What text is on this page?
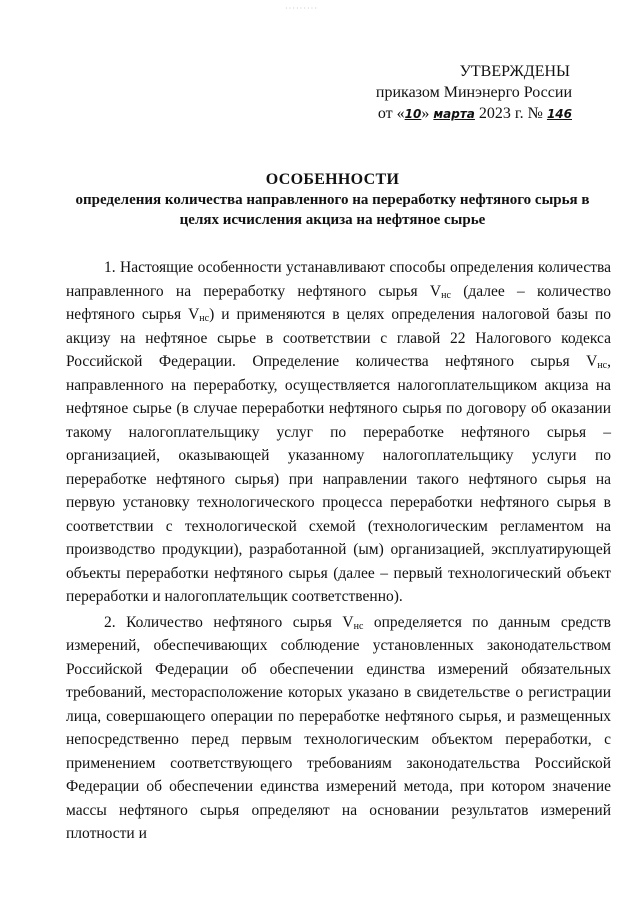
·········
УТВЕРЖДЕНЫ
приказом Минэнерго России
от «10» марта 2023 г. № 146
ОСОБЕННОСТИ
определения количества направленного на переработку нефтяного сырья в целях исчисления акциза на нефтяное сырье

1. Настоящие особенности устанавливают способы определения количества направленного на переработку нефтяного сырья $V_{нс}$ (далее – количество нефтяного сырья $V_{нс}$) и применяются в целях определения налоговой базы по акцизу на нефтяное сырье в соответствии с главой 22 Налогового кодекса Российской Федерации. Определение количества нефтяного сырья $V_{нс}$, направленного на переработку, осуществляется налогоплательщиком акциза на нефтяное сырье (в случае переработки нефтяного сырья по договору об оказании такому налогоплательщику услуг по переработке нефтяного сырья – организацией, оказывающей указанному налогоплательщику услуги по переработке нефтяного сырья) при направлении такого нефтяного сырья на первую установку технологического процесса переработки нефтяного сырья в соответствии с технологической схемой (технологическим регламентом на производство продукции), разработанной (ым) организацией, эксплуатирующей объекты переработки нефтяного сырья (далее – первый технологический объект переработки и налогоплательщик соответственно).

2. Количество нефтяного сырья $V_{нс}$ определяется по данным средств измерений, обеспечивающих соблюдение установленных законодательством Российской Федерации об обеспечении единства измерений обязательных требований, месторасположение которых указано в свидетельстве о регистрации лица, совершающего операции по переработке нефтяного сырья, и размещенных непосредственно перед первым технологическим объектом переработки, с применением соответствующего требованиям законодательства Российской Федерации об обеспечении единства измерений метода, при котором значение массы нефтяного сырья определяют на основании результатов измерений плотности и
